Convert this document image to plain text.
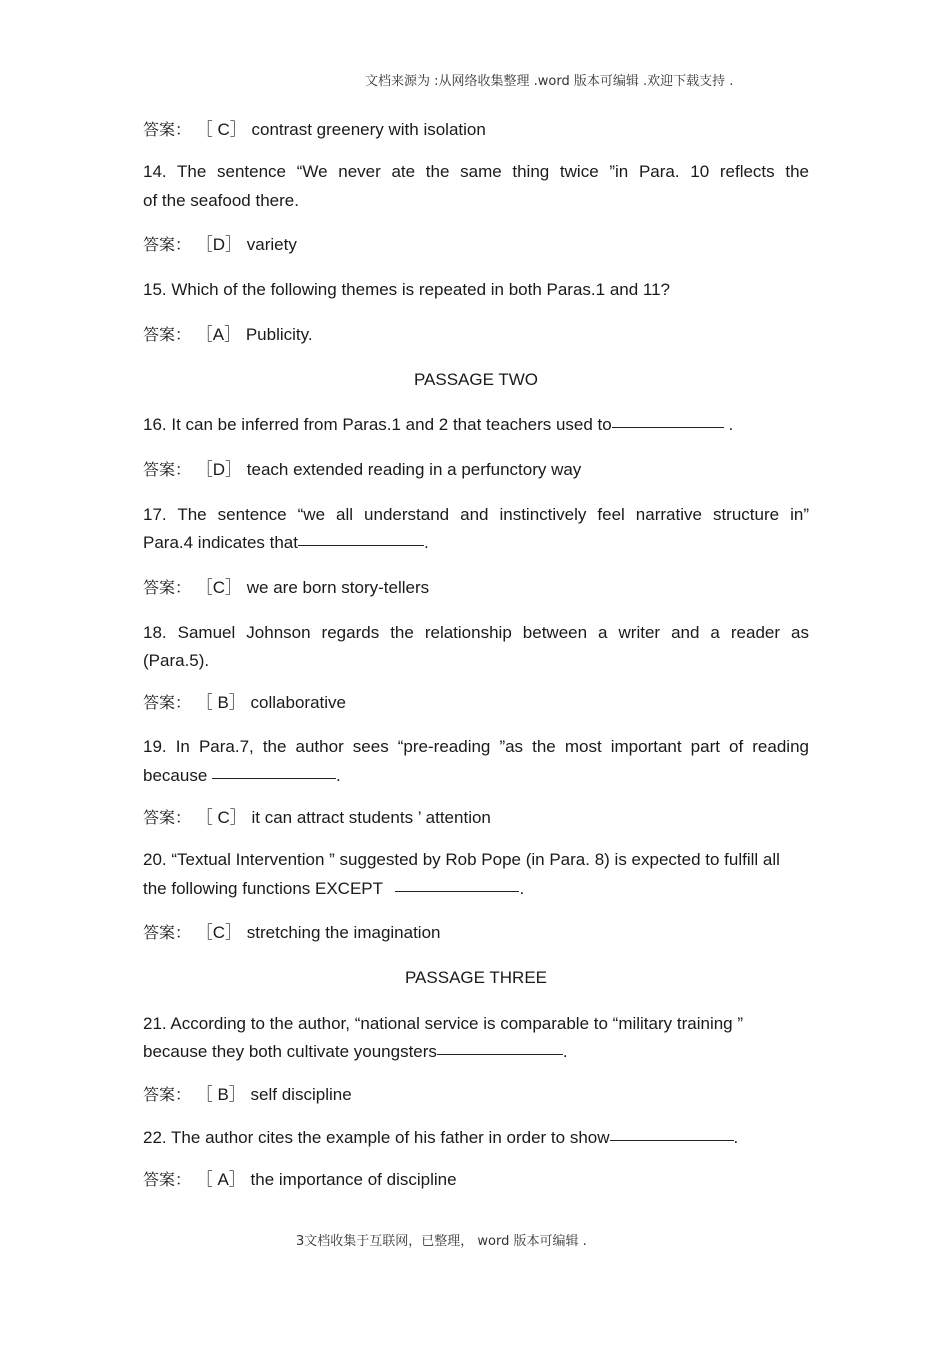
文档来源为 :从网络收集整理 .word 版本可编辑 .欢迎下载支持 .
答案： ［ C］ contrast greenery with isolation
14. The sentence “We never ate the same thing twice ”in Para. 10 reflects the
of the seafood there.
答案： ［D］ variety
15. Which of the following themes is repeated in both Paras.1 and 11?
答案： ［A］ Publicity.
PASSAGE TWO
16. It can be inferred from Paras.1 and 2 that teachers used to	.
答案： ［D］ teach extended reading in a perfunctory way
17. The sentence “we all understand and instinctively feel narrative structure in”
Para.4 indicates that	.
答案： ［C］ we are born story-tellers
18. Samuel Johnson regards the relationship between a writer and a reader as
(Para.5).
答案： ［ B］ collaborative
19. In Para.7, the author sees “pre-reading ”as the most important part of reading
because	.
答案： ［ C］ it can attract students ’ attention
20. “Textual Intervention ” suggested by Rob Pope (in Para. 8) is expected to fulfill all
the following functions EXCEPT	.
答案： ［C］ stretching the imagination
PASSAGE THREE
21. According to the author, “national service is comparable to “military training ”
because they both cultivate youngsters	.
答案： ［ B］ self discipline
22. The author cites the example of his father in order to show	.
答案： ［ A］ the importance of discipline
3文档收集于互联网，已整理， word 版本可编辑 .
